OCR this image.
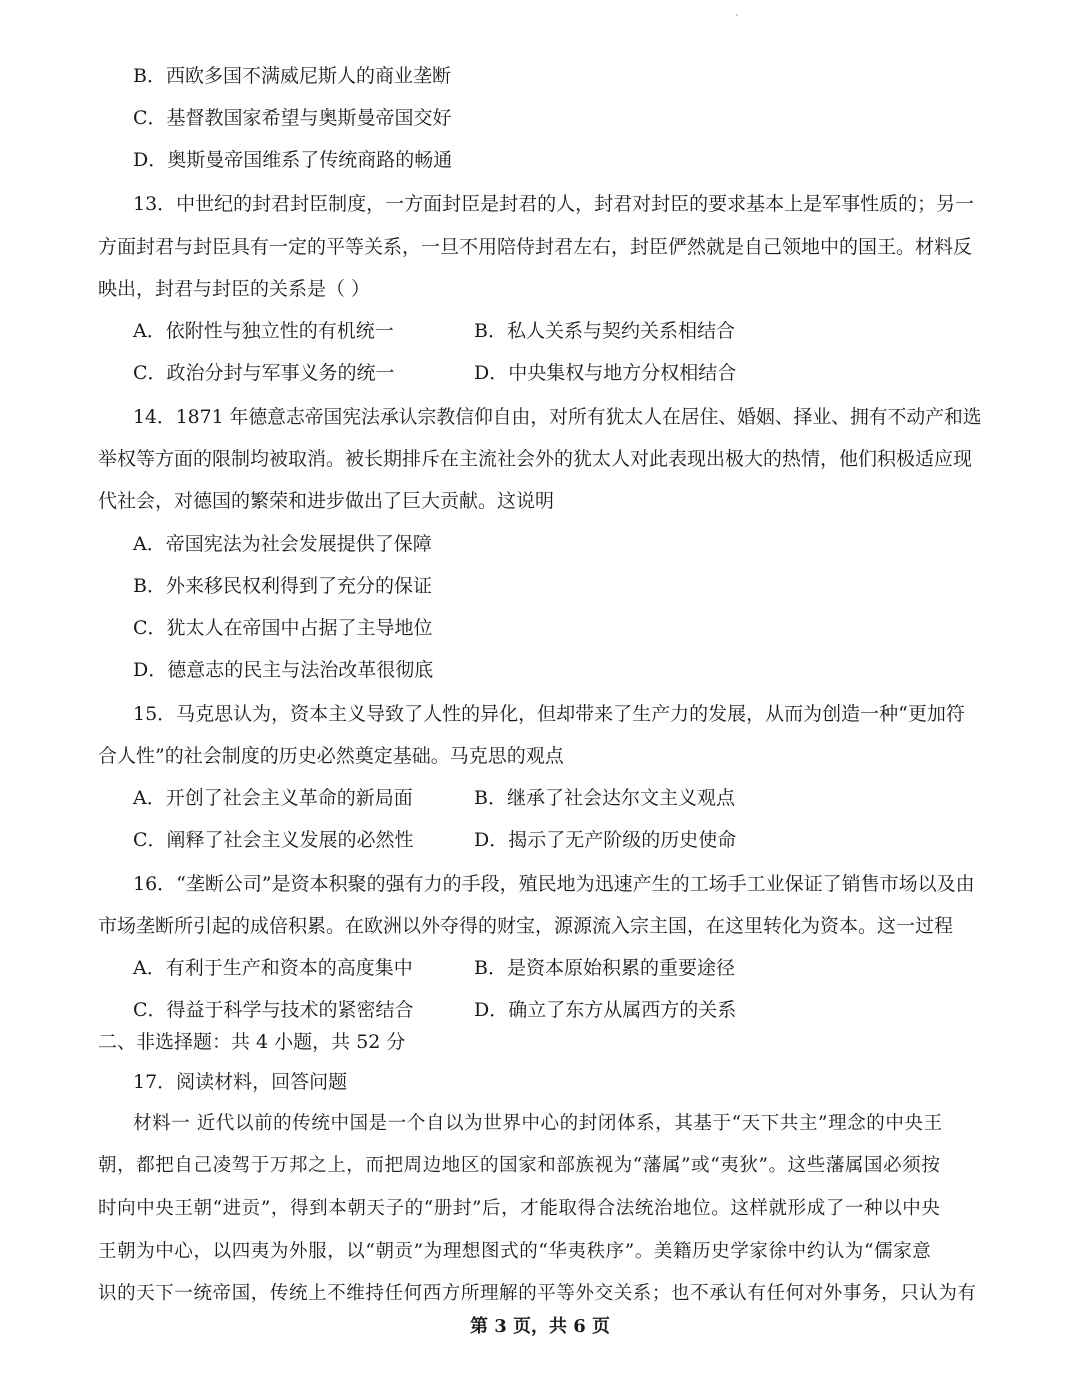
B．西欧多国不满威尼斯人的商业垄断
C．基督教国家希望与奥斯曼帝国交好
D．奥斯曼帝国维系了传统商路的畅通
13．中世纪的封君封臣制度，一方面封臣是封君的人，封君对封臣的要求基本上是军事性质的；另一
方面封君与封臣具有一定的平等关系，一旦不用陪侍封君左右，封臣俨然就是自己领地中的国王。材料反
映出，封君与封臣的关系是（ ）
A．依附性与独立性的有机统一	B．私人关系与契约关系相结合
C．政治分封与军事义务的统一	D．中央集权与地方分权相结合
14．1871 年德意志帝国宪法承认宗教信仰自由，对所有犹太人在居住、婚姻、择业、拥有不动产和选
举权等方面的限制均被取消。被长期排斥在主流社会外的犹太人对此表现出极大的热情，他们积极适应现
代社会，对德国的繁荣和进步做出了巨大贡献。这说明
A．帝国宪法为社会发展提供了保障
B．外来移民权利得到了充分的保证
C．犹太人在帝国中占据了主导地位
D．德意志的民主与法治改革很彻底
15．马克思认为，资本主义导致了人性的异化，但却带来了生产力的发展，从而为创造一种“更加符
合人性”的社会制度的历史必然奠定基础。马克思的观点
A．开创了社会主义革命的新局面	B．继承了社会达尔文主义观点
C．阐释了社会主义发展的必然性	D．揭示了无产阶级的历史使命
16．“垄断公司”是资本积聚的强有力的手段，殖民地为迅速产生的工场手工业保证了销售市场以及由
市场垄断所引起的成倍积累。在欧洲以外夺得的财宝，源源流入宗主国，在这里转化为资本。这一过程
A．有利于生产和资本的高度集中	B．是资本原始积累的重要途径
C．得益于科学与技术的紧密结合	D．确立了东方从属西方的关系
二、非选择题：共 4 小题，共 52 分
17．阅读材料，回答问题
材料一 近代以前的传统中国是一个自以为世界中心的封闭体系，其基于“天下共主”理念的中央王
朝，都把自己凌驾于万邦之上，而把周边地区的国家和部族视为“藩属”或“夷狄”。这些藩属国必须按
时向中央王朝“进贡”，得到本朝天子的“册封”后，才能取得合法统治地位。这样就形成了一种以中央
王朝为中心，以四夷为外服，以“朝贡”为理想图式的“华夷秩序”。美籍历史学家徐中约认为“儒家意
识的天下一统帝国，传统上不维持任何西方所理解的平等外交关系；也不承认有任何对外事务，只认为有
第 3 页，共 6 页
